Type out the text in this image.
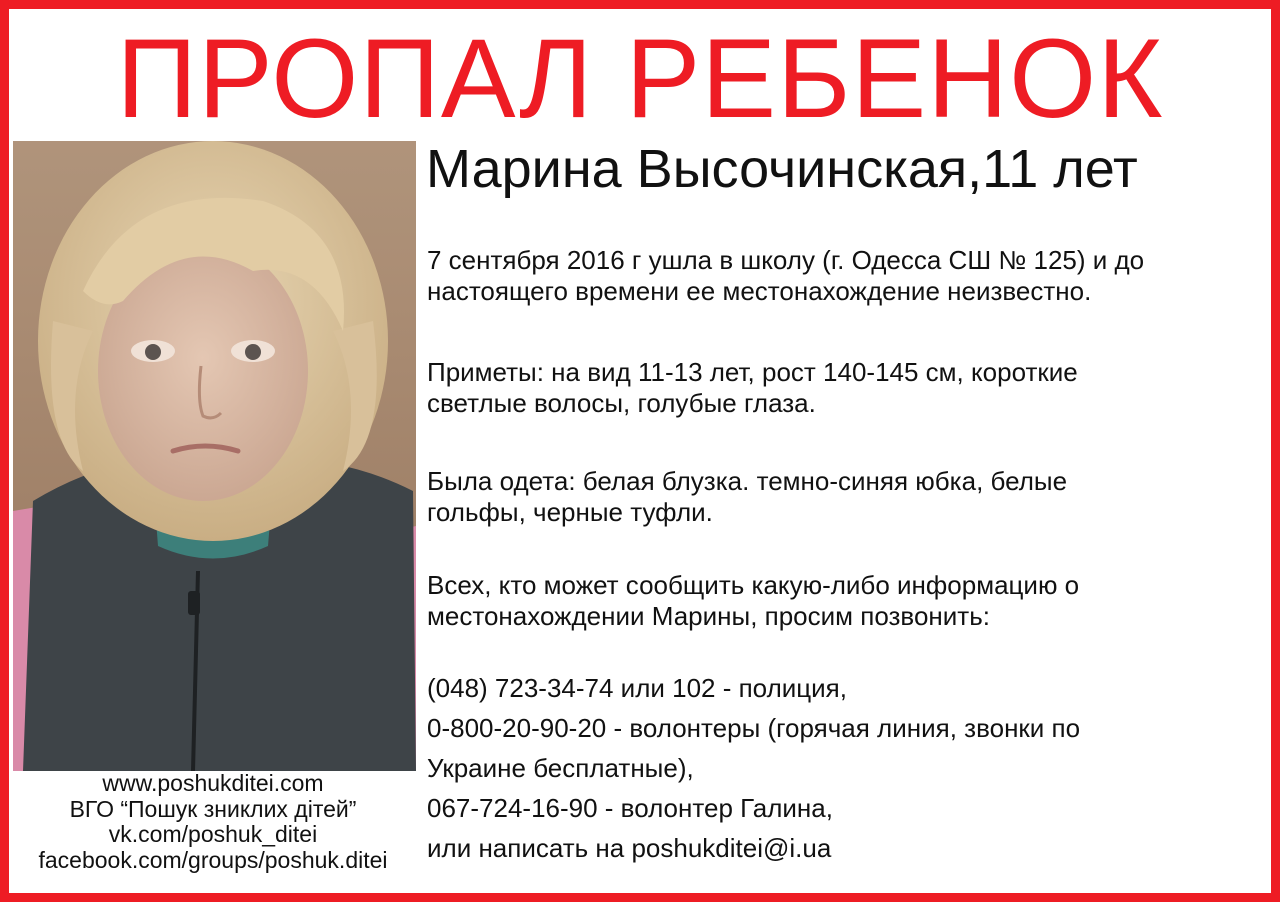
ПРОПАЛ РЕБЕНОК
www.poshukditei.com
ВГО “Пошук зниклих дітей”
vk.com/poshuk_ditei
facebook.com/groups/poshuk.ditei
Марина Высочинская,11 лет
7 сентября 2016 г ушла в школу (г. Одесса СШ № 125) и до
настоящего времени ее местонахождение неизвестно.
Приметы: на вид 11-13 лет, рост 140-145 см, короткие
светлые волосы, голубые глаза.
Была одета: белая блузка. темно-синяя юбка, белые
гольфы, черные туфли.
Всех, кто может сообщить какую-либо информацию о
местонахождении Марины, просим позвонить:
(048) 723-34-74 или 102 - полиция,
0-800-20-90-20 - волонтеры (горячая линия, звонки по
Украине бесплатные),
067-724-16-90 - волонтер Галина,
или написать на poshukditei@i.ua
